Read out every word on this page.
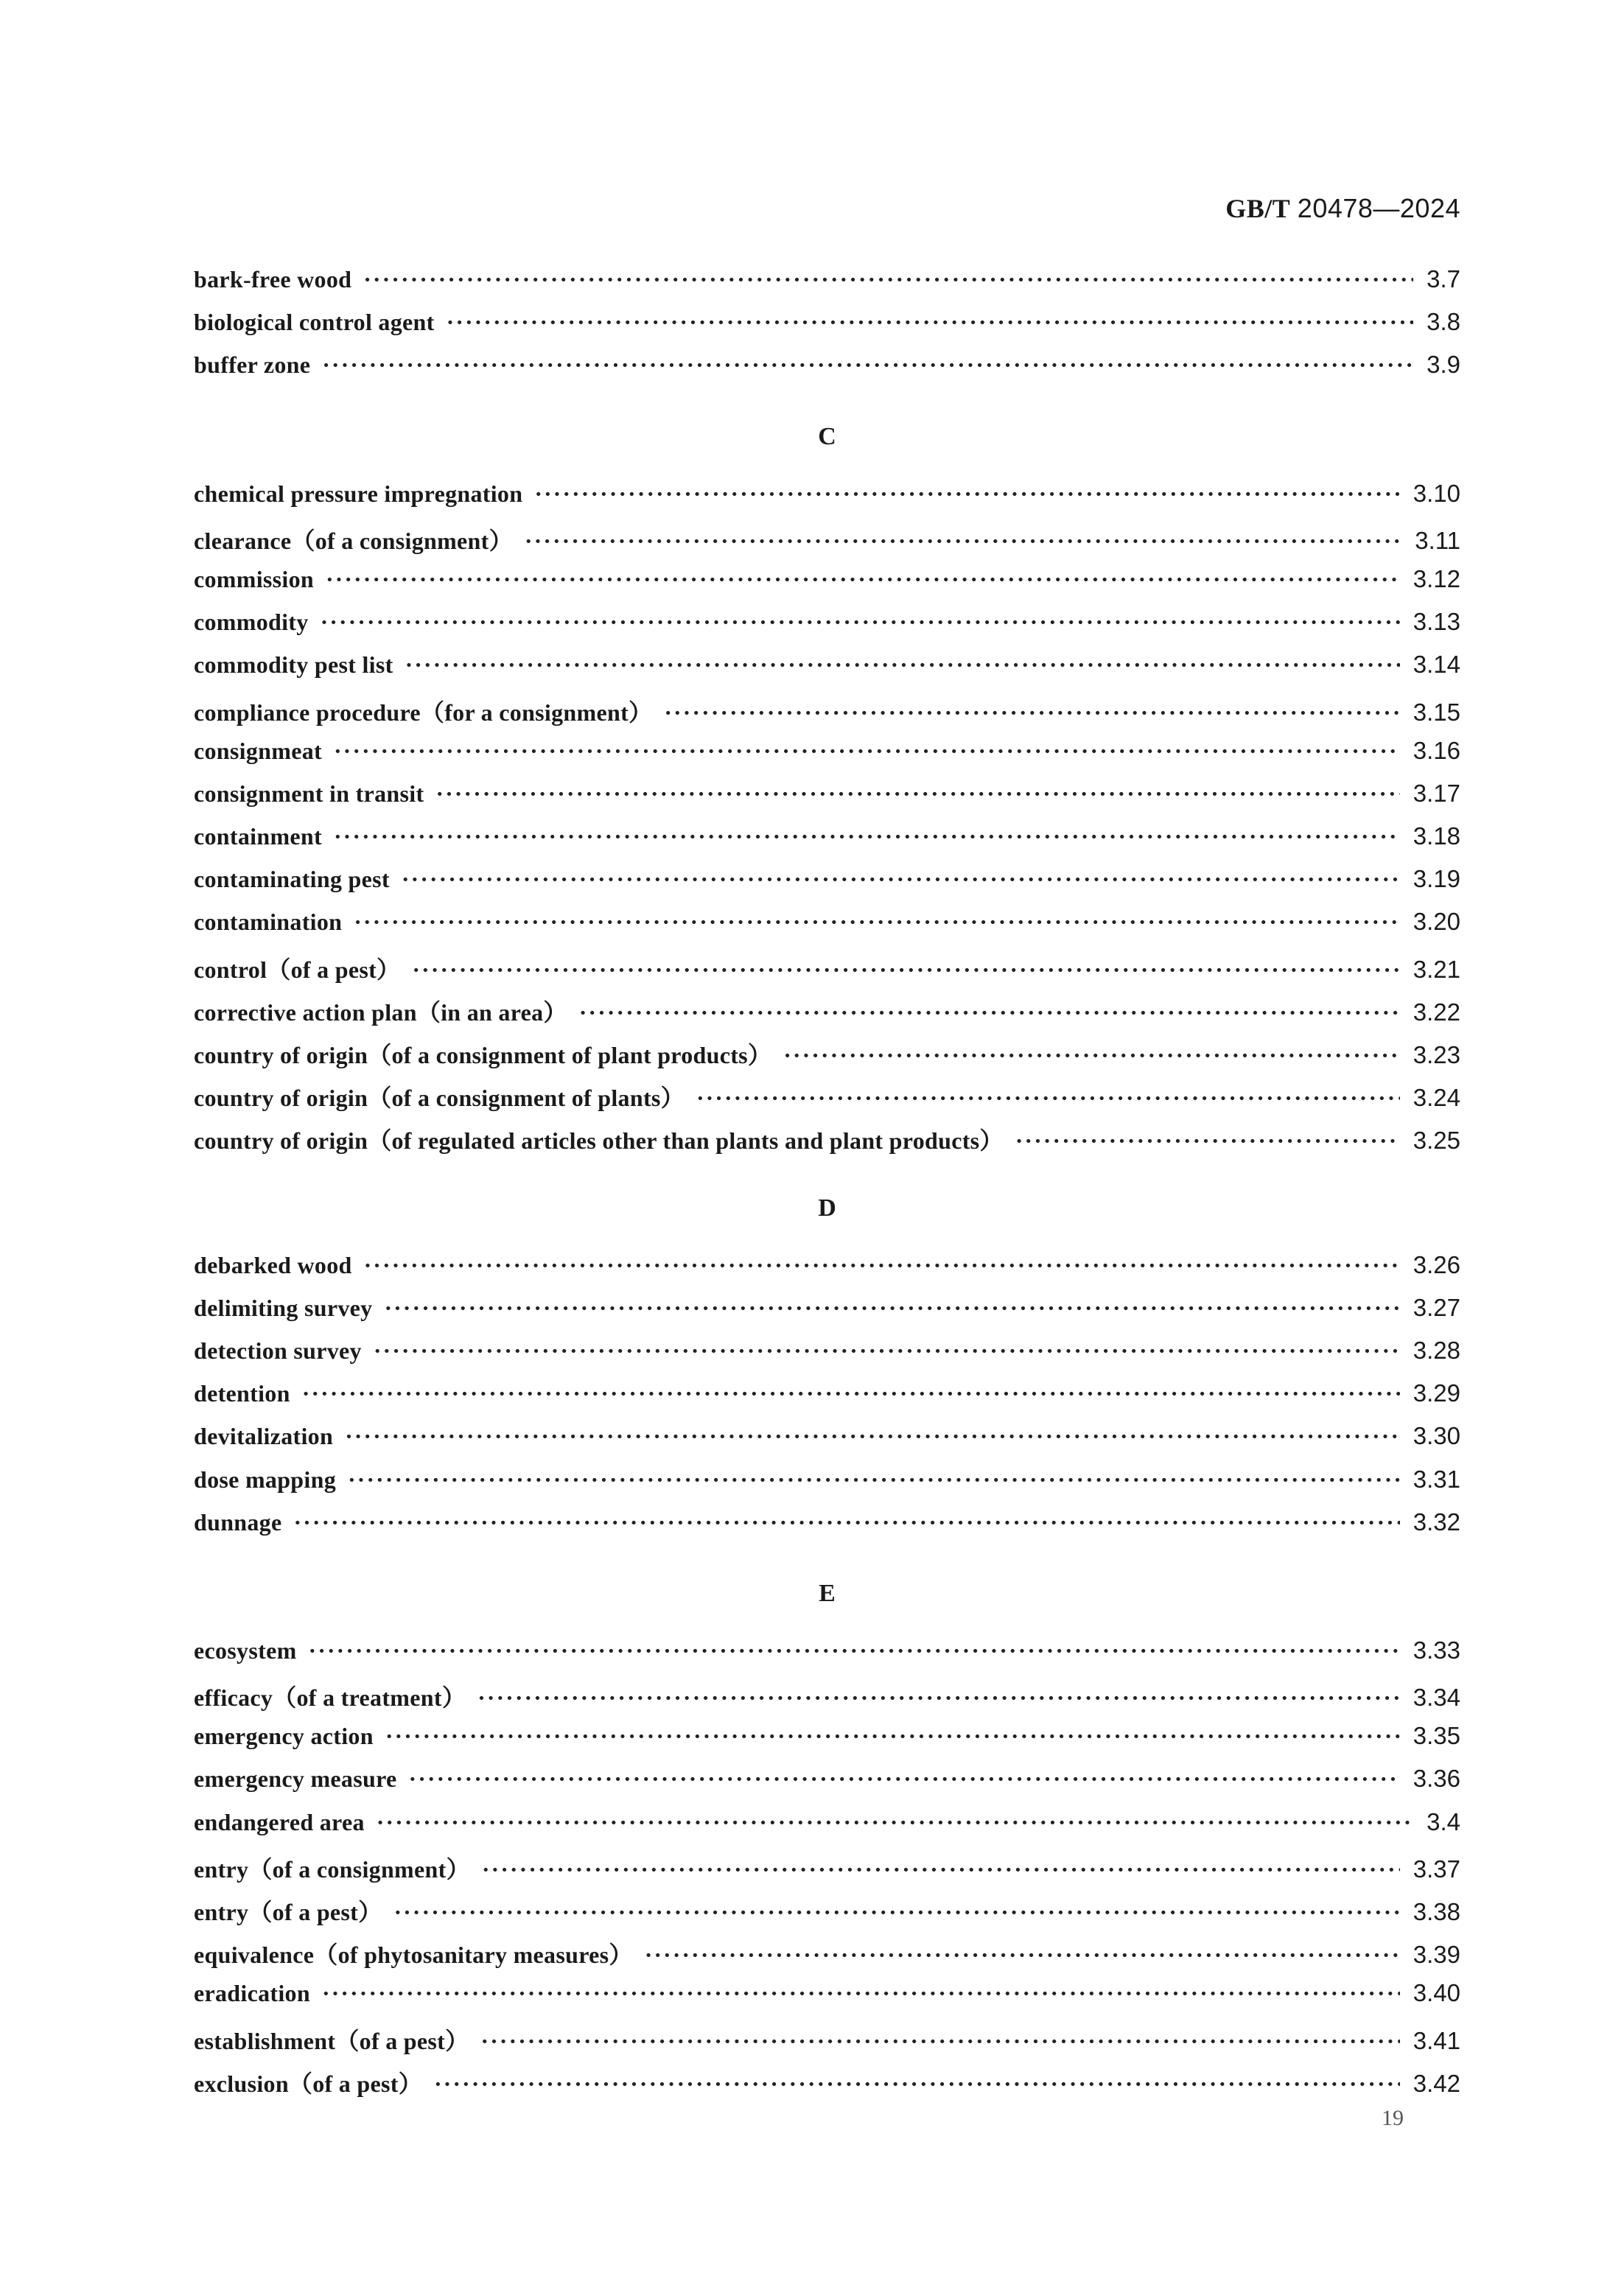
GB/T 20478—2024
bark-free wood ·····	3.7
biological control agent ·····	3.8
buffer zone ·····	3.9
C
chemical pressure impregnation ·····	3.10
clearance（of a consignment） ·····	3.11
commission ·····	3.12
commodity ·····	3.13
commodity pest list ·····	3.14
compliance procedure（for a consignment） ·····	3.15
consignmeat ·····	3.16
consignment in transit ·····	3.17
containment ·····	3.18
contaminating pest ·····	3.19
contamination ·····	3.20
control（of a pest） ·····	3.21
corrective action plan（in an area） ·····	3.22
country of origin（of a consignment of plant products） ·····	3.23
country of origin（of a consignment of plants） ·····	3.24
country of origin（of regulated articles other than plants and plant products） ·····	3.25
D
debarked wood ·····	3.26
delimiting survey ·····	3.27
detection survey ·····	3.28
detention ·····	3.29
devitalization ·····	3.30
dose mapping ·····	3.31
dunnage ·····	3.32
E
ecosystem ·····	3.33
efficacy（of a treatment） ·····	3.34
emergency action ·····	3.35
emergency measure ·····	3.36
endangered area ·····	3.4
entry（of a consignment） ·····	3.37
entry（of a pest） ·····	3.38
equivalence（of phytosanitary measures） ·····	3.39
eradication ·····	3.40
establishment（of a pest） ·····	3.41
exclusion（of a pest） ·····	3.42
19
